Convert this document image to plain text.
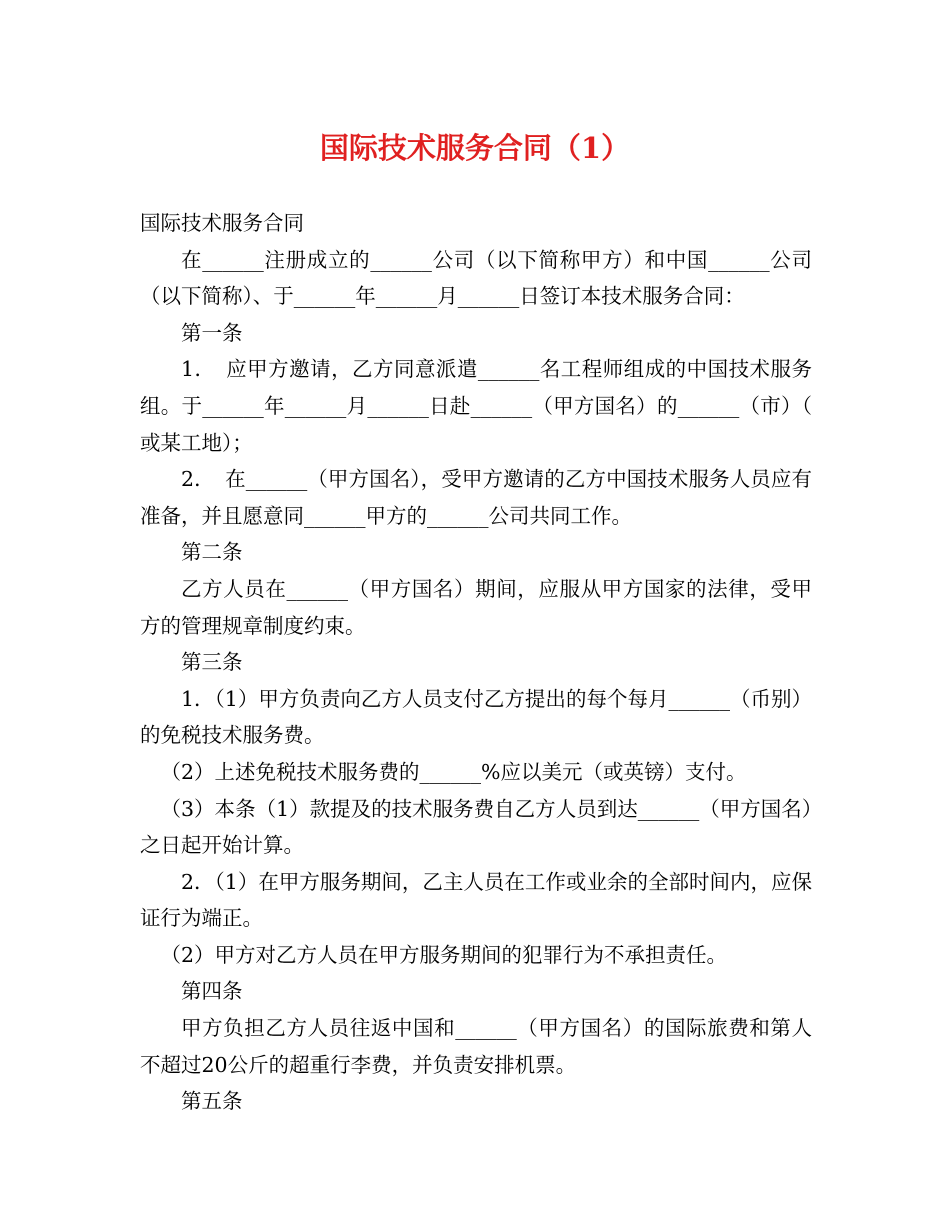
国际技术服务合同（1）

国际技术服务合同

在______注册成立的______公司（以下简称甲方）和中国______公司（以下简称）、于______年______月______日签订本技术服务合同：

第一条

1．　应甲方邀请，乙方同意派遣______名工程师组成的中国技术服务组。于______年______月______日赴______（甲方国名）的______（市）（或某工地）；

2．　在______（甲方国名），受甲方邀请的乙方中国技术服务人员应有准备，并且愿意同______甲方的______公司共同工作。

第二条

乙方人员在______（甲方国名）期间，应服从甲方国家的法律，受甲方的管理规章制度约束。

第三条

1．（1）甲方负责向乙方人员支付乙方提出的每个每月______（币别）的免税技术服务费。

（2）上述免税技术服务费的______%应以美元（或英镑）支付。

（3）本条（1）款提及的技术服务费自乙方人员到达______（甲方国名）之日起开始计算。

2．（1）在甲方服务期间，乙主人员在工作或业余的全部时间内，应保证行为端正。

（2）甲方对乙方人员在甲方服务期间的犯罪行为不承担责任。

第四条

甲方负担乙方人员往返中国和______（甲方国名）的国际旅费和第人不超过20公斤的超重行李费，并负责安排机票。

第五条
